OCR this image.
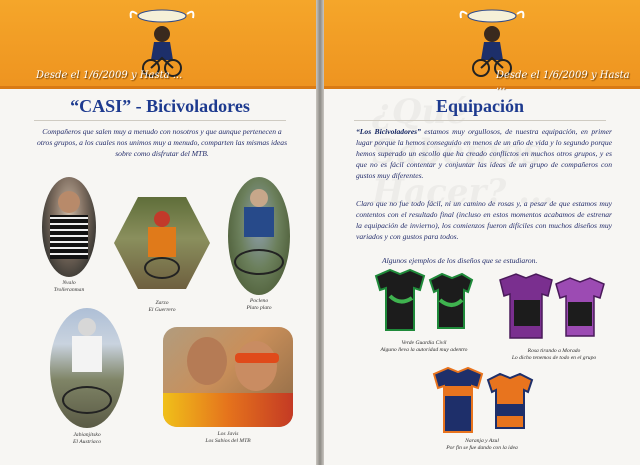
Desde el 1/6/2009 y Hasta ...
“CASI” - Bicivoladores
Compañeros que salen muy a menudo con nosotros y que aunque pertenecen a otros grupos, a los cuales nos unimos muy a menudo, comparten las mismas ideas sobre como disfrutar del MTB.
Nvalo
Trolleranman
Zarzo
El Guerrero
Pocleno
Plato plato
Jabianjitsko
El Austriaco
Los Javis
Los Sabios del MTB
Desde el 1/6/2009 y Hasta ...
Equipación
“Los Bicivoladores” estamos muy orgullosos, de nuestra equipación, en primer lugar porque la hemos conseguido en menos de un año de vida y lo segundo porque hemos superado un escollo que ha creado conflictos en muchos otros grupos, y es que no es fácil contentar y conjuntar las ideas de un grupo de compañeros con gustos muy diferentes.
Claro que no fue todo fácil, ni un camino de rosas y, a pesar de que estamos muy contentos con el resultado final (incluso en estos momentos acabamos de estrenar la equipación de invierno), los comienzos fueron difíciles con muchos diseños muy variados y con gustos para todos.
Algunos ejemplos de los diseños que se estudiaron.
Verde Guardia Civil
Alguno lleva la autoridad muy adentro	Rosa tirando a Morado
Lo dicho tenemos de todo en el grupo
Naranja y Azul
Por fin se fue dando con la idea
